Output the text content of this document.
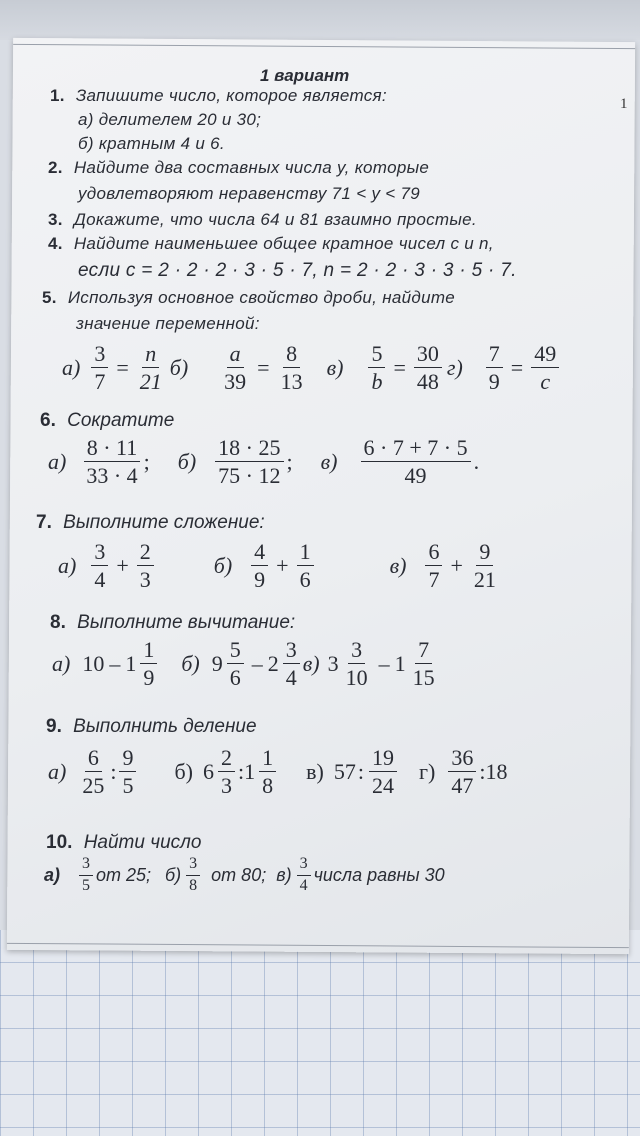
1
1 вариант
1. Запишите число, которое является:
а) делителем 20 и 30;
б) кратным 4 и 6.
2. Найдите два составных числа у, которые
удовлетворяют неравенству 71 < у < 79
3. Докажите, что числа 64 и 81 взаимно простые.
4. Найдите наименьшее общее кратное чисел с и n,
если c = 2 · 2 · 2 · 3 · 5 · 7, n = 2 · 2 · 3 · 3 · 5 · 7.
5. Используя основное свойство дроби, найдите
значение переменной:
$а) \frac{3}{7} = \frac{n}{21} б) \frac{a}{39} = \frac{8}{13} в) \frac{5}{b} = \frac{30}{48} г) \frac{7}{9} = \frac{49}{c}$
6. Сократите
$а) \frac{8 \cdot 11}{33 \cdot 4}$ ; $б) \frac{18 \cdot 25}{75 \cdot 12}$ ; $в) \frac{6 \cdot 7 + 7 \cdot 5}{49}$ .
7. Выполните сложение:
$а) \frac{3}{4} + \frac{2}{3}$	$б) \frac{4}{9} + \frac{1}{6}$	$в) \frac{6}{7} + \frac{9}{21}$
8. Выполните вычитание:
а) $10 - 1 \frac{1}{9} б$) $9 \frac{5}{6} - 2 \frac{3}{4} в$) $3 \frac{3}{10} - 1 \frac{7}{15}$
9. Выполнить деление
$а) \frac{6}{25}$ : $\frac{9}{5} б$) $6 \frac{2}{3}$ : $1 \frac{1}{8} в$) 57 : $\frac{19}{24} г) \frac{36}{47}$ : 18
10. Найти число
$а) \frac{3}{5}$ от 25; $б) \frac{3}{8}$ от 80; $в) \frac{3}{4}$ числа равны 30
